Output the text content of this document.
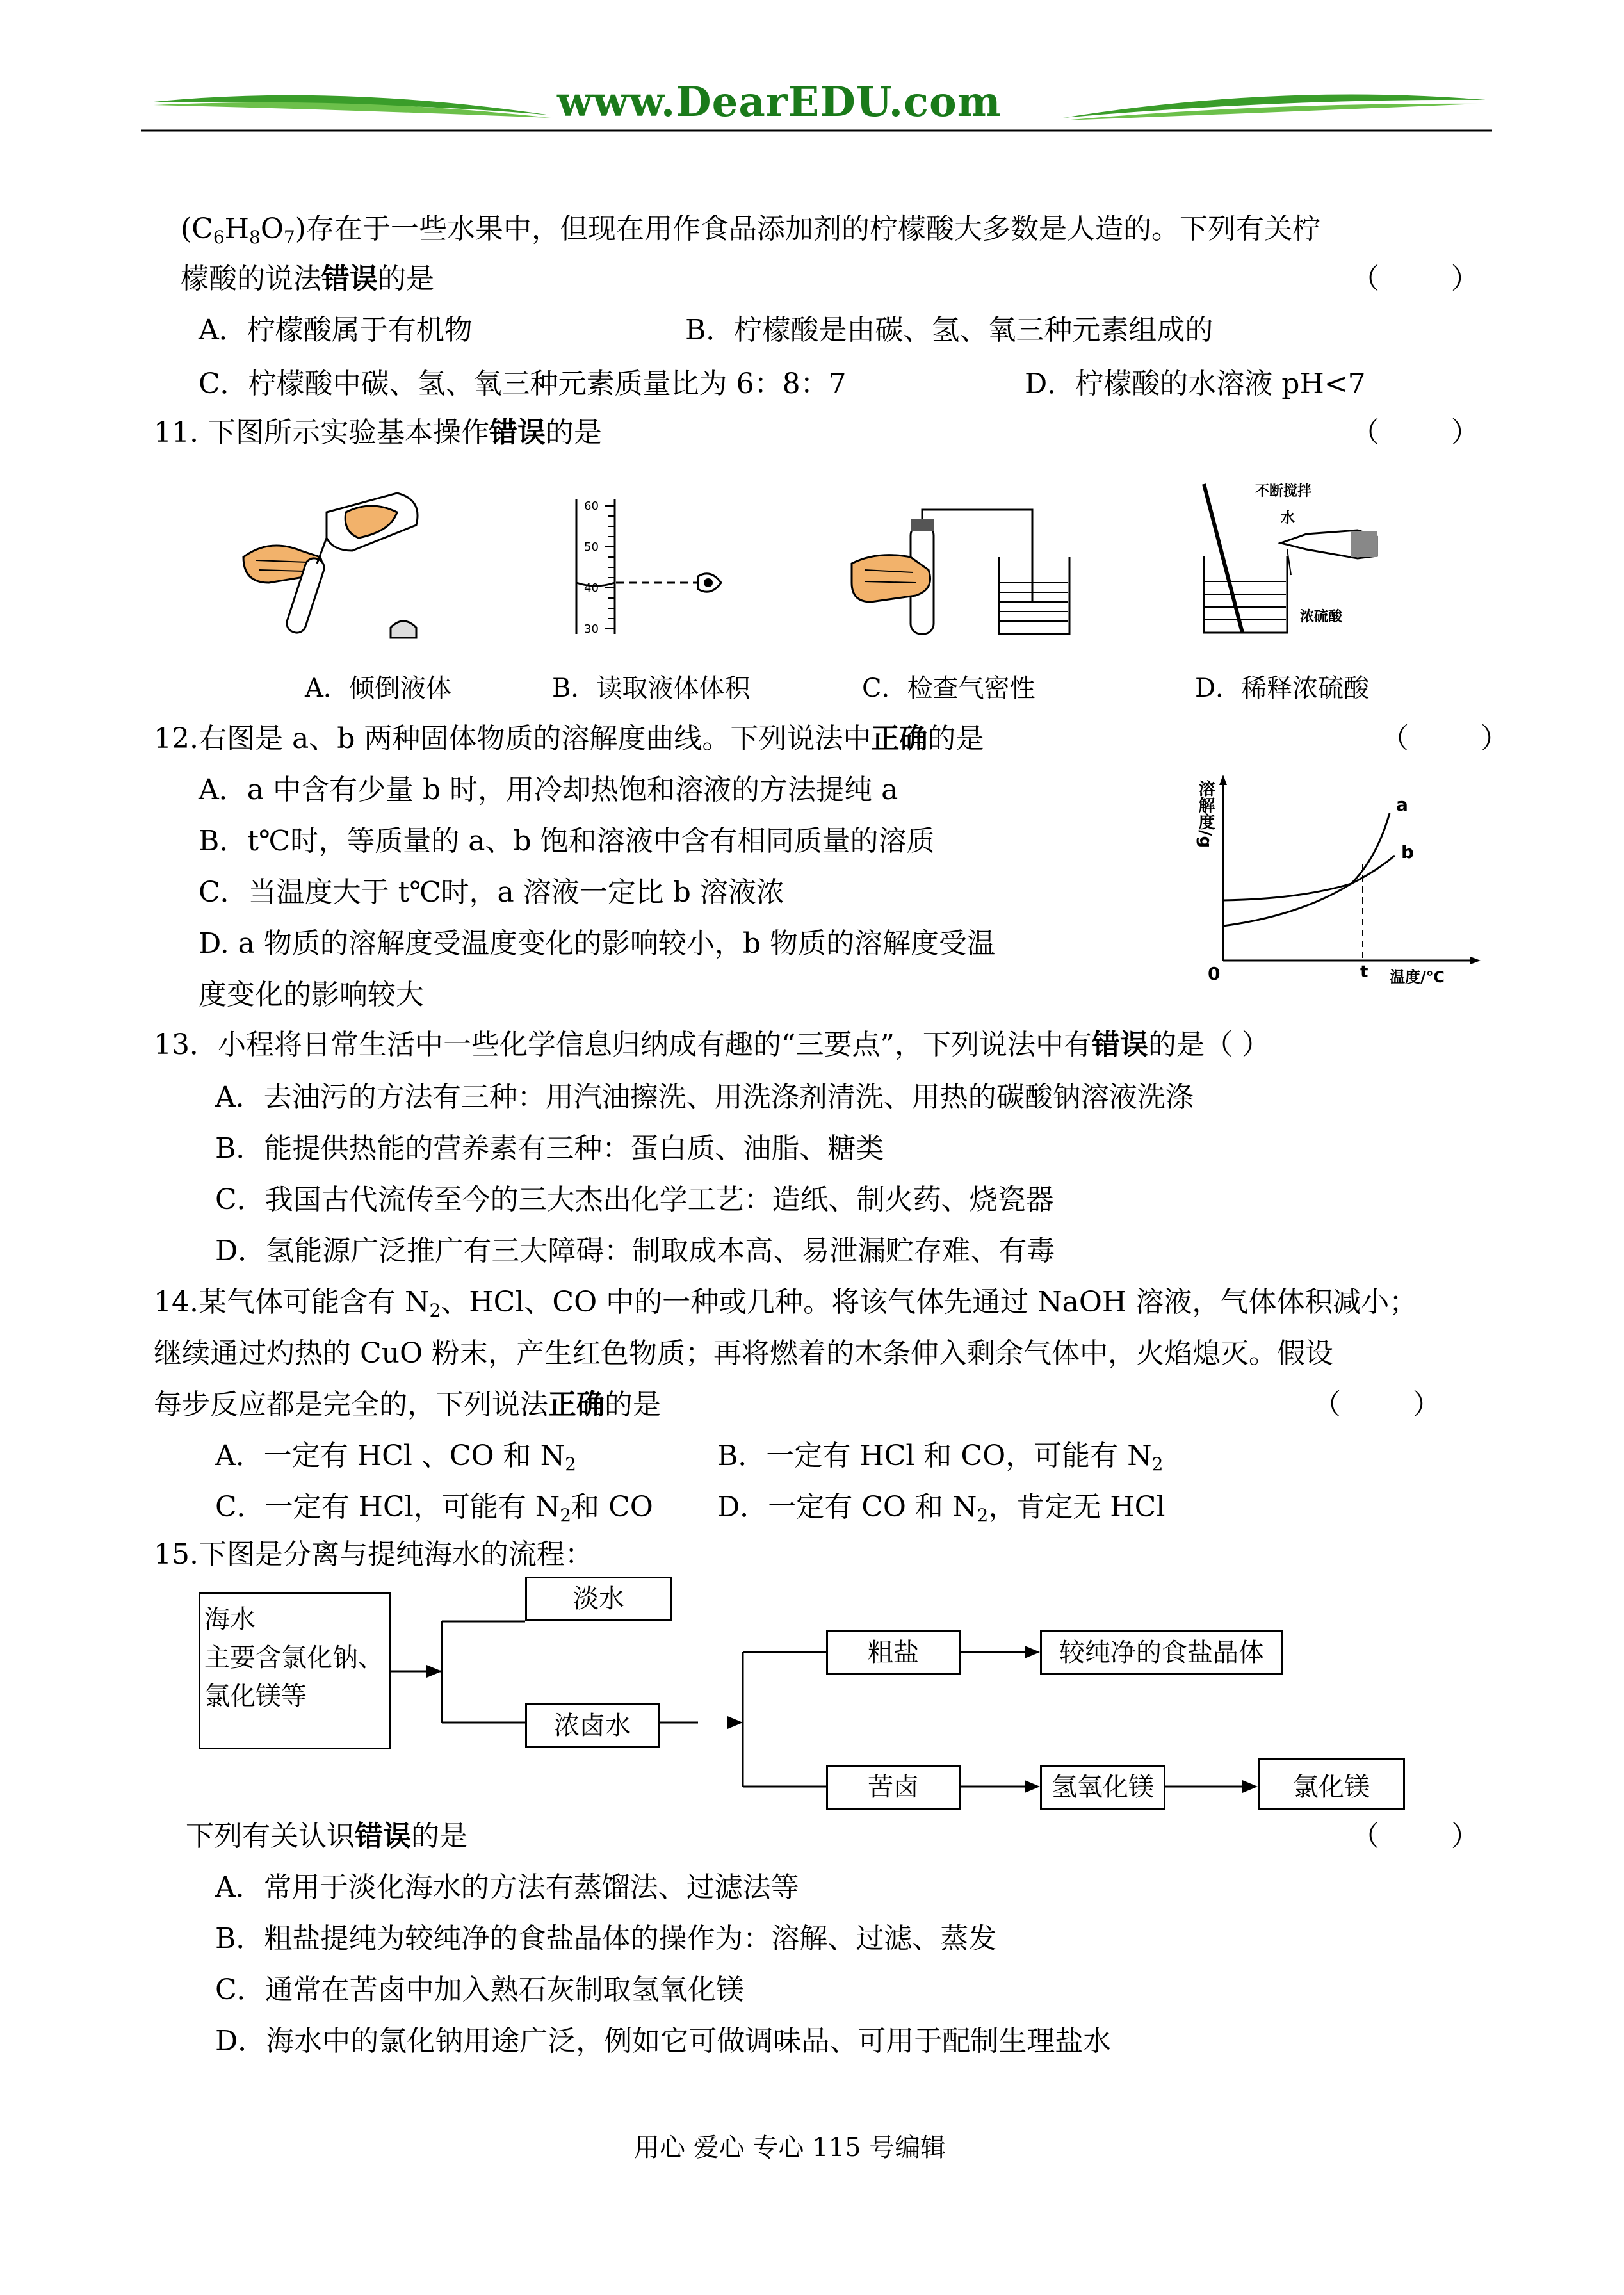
www.DearEDU.com
$(C_6H_8O_7)$存在于一些水果中，但现在用作食品添加剂的柠檬酸大多数是人造的。下列有关柠
檬酸的说法错误的是	（        ）
A．柠檬酸属于有机物	B．柠檬酸是由碳、氢、氧三种元素组成的
C．柠檬酸中碳、氢、氧三种元素质量比为 6：8：7	D．柠檬酸的水溶液 pH<7
11. 下图所示实验基本操作错误的是	（        ）
60
50
40
30
不断搅拌
水
浓硫酸
A．倾倒液体	B．读取液体体积	C．检查气密性	D．稀释浓硫酸
12.右图是 a、b 两种固体物质的溶解度曲线。下列说法中正确的是	（        ）
A．a 中含有少量 b 时，用冷却热饱和溶液的方法提纯 a
B．t℃时，等质量的 a、b 饱和溶液中含有相同质量的溶质
C．当温度大于 t℃时，a 溶液一定比 b 溶液浓
D. a 物质的溶解度受温度变化的影响较小，b 物质的溶解度受温
度变化的影响较大
溶解度/g
0	t 温度/℃
a
b
13．小程将日常生活中一些化学信息归纳成有趣的“三要点”，下列说法中有错误的是（ ）
A．去油污的方法有三种：用汽油擦洗、用洗涤剂清洗、用热的碳酸钠溶液洗涤
B．能提供热能的营养素有三种：蛋白质、油脂、糖类
C．我国古代流传至今的三大杰出化学工艺：造纸、制火药、烧瓷器
D．氢能源广泛推广有三大障碍：制取成本高、易泄漏贮存难、有毒
14.某气体可能含有 $N_2$、HCl、CO 中的一种或几种。将该气体先通过 NaOH 溶液，气体体积减小；
继续通过灼热的 CuO 粉末，产生红色物质；再将燃着的木条伸入剩余气体中，火焰熄灭。假设
每步反应都是完全的，下列说法正确的是	（        ）
A．一定有 HCl 、CO 和 $N_2$	B．一定有 HCl 和 CO，可能有 $N_2$
C．一定有 HCl，可能有 $N_2$和 CO D．一定有 CO 和 $N_2$，肯定无 HCl
15.下图是分离与提纯海水的流程：
海水
主要含氯化钠、
氯化镁等
淡水
浓卤水
粗盐	较纯净的食盐晶体
苦卤	氢氧化镁	氯化镁
下列有关认识错误的是	（        ）
A．常用于淡化海水的方法有蒸馏法、过滤法等
B．粗盐提纯为较纯净的食盐晶体的操作为：溶解、过滤、蒸发
C．通常在苦卤中加入熟石灰制取氢氧化镁
D．海水中的氯化钠用途广泛，例如它可做调味品、可用于配制生理盐水
用心 爱心 专心 115 号编辑
